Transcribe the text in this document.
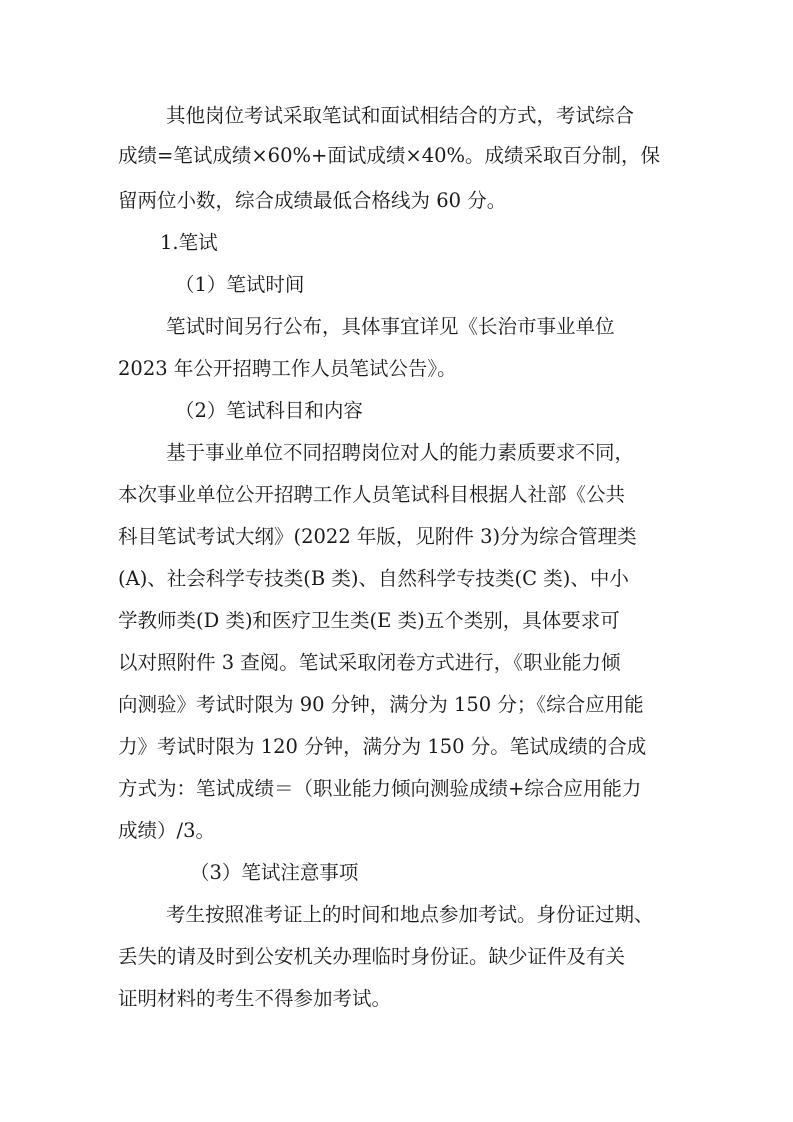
其他岗位考试采取笔试和面试相结合的方式，考试综合
成绩=笔试成绩×60%+面试成绩×40%。成绩采取百分制，保
留两位小数，综合成绩最低合格线为 60 分。
1.笔试
（1）笔试时间
笔试时间另行公布，具体事宜详见《长治市事业单位
2023 年公开招聘工作人员笔试公告》。
（2）笔试科目和内容
基于事业单位不同招聘岗位对人的能力素质要求不同，
本次事业单位公开招聘工作人员笔试科目根据人社部《公共
科目笔试考试大纲》(2022 年版，见附件 3)分为综合管理类
(A)、社会科学专技类(B 类)、自然科学专技类(C 类)、中小
学教师类(D 类)和医疗卫生类(E 类)五个类别，具体要求可
以对照附件 3 查阅。笔试采取闭卷方式进行，《职业能力倾
向测验》考试时限为 90 分钟，满分为 150 分；《综合应用能
力》考试时限为 120 分钟，满分为 150 分。笔试成绩的合成
方式为：笔试成绩＝（职业能力倾向测验成绩+综合应用能力
成绩）/3。
（3）笔试注意事项
考生按照准考证上的时间和地点参加考试。身份证过期、
丢失的请及时到公安机关办理临时身份证。缺少证件及有关
证明材料的考生不得参加考试。
